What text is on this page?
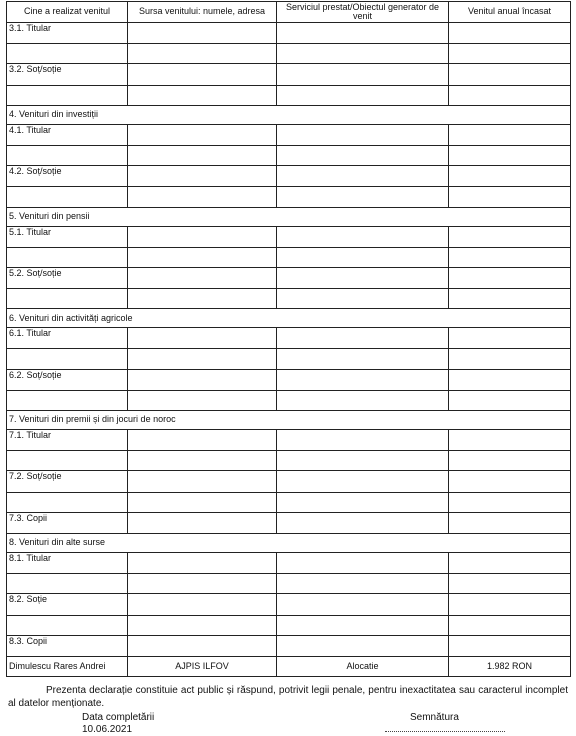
Cine a realizat venitul	Sursa venitului: numele, adresa	Serviciul prestat/Obiectul generator de venit	Venitul anual încasat
3.1. Titular			

3.2. Soț/soție			

4. Venituri din investiții			
4.1. Titular			

4.2. Soț/soție			

5. Venituri din pensii			
5.1. Titular			

5.2. Soț/soție			

6. Venituri din activități agricole			
6.1. Titular			

6.2. Soț/soție			

7. Venituri din premii și din jocuri de noroc			
7.1. Titular			

7.2. Soț/soție			

7.3. Copii			
8. Venituri din alte surse			
8.1. Titular			

8.2. Soție			

8.3. Copii			
Dimulescu Rares Andrei	AJPIS ILFOV	Alocatie	1.982 RON

Prezenta declarație constituie act public și răspund, potrivit legii penale, pentru inexactitatea sau caracterul incomplet al datelor menționate.

Data completării
10.06.2021
Semnătura
